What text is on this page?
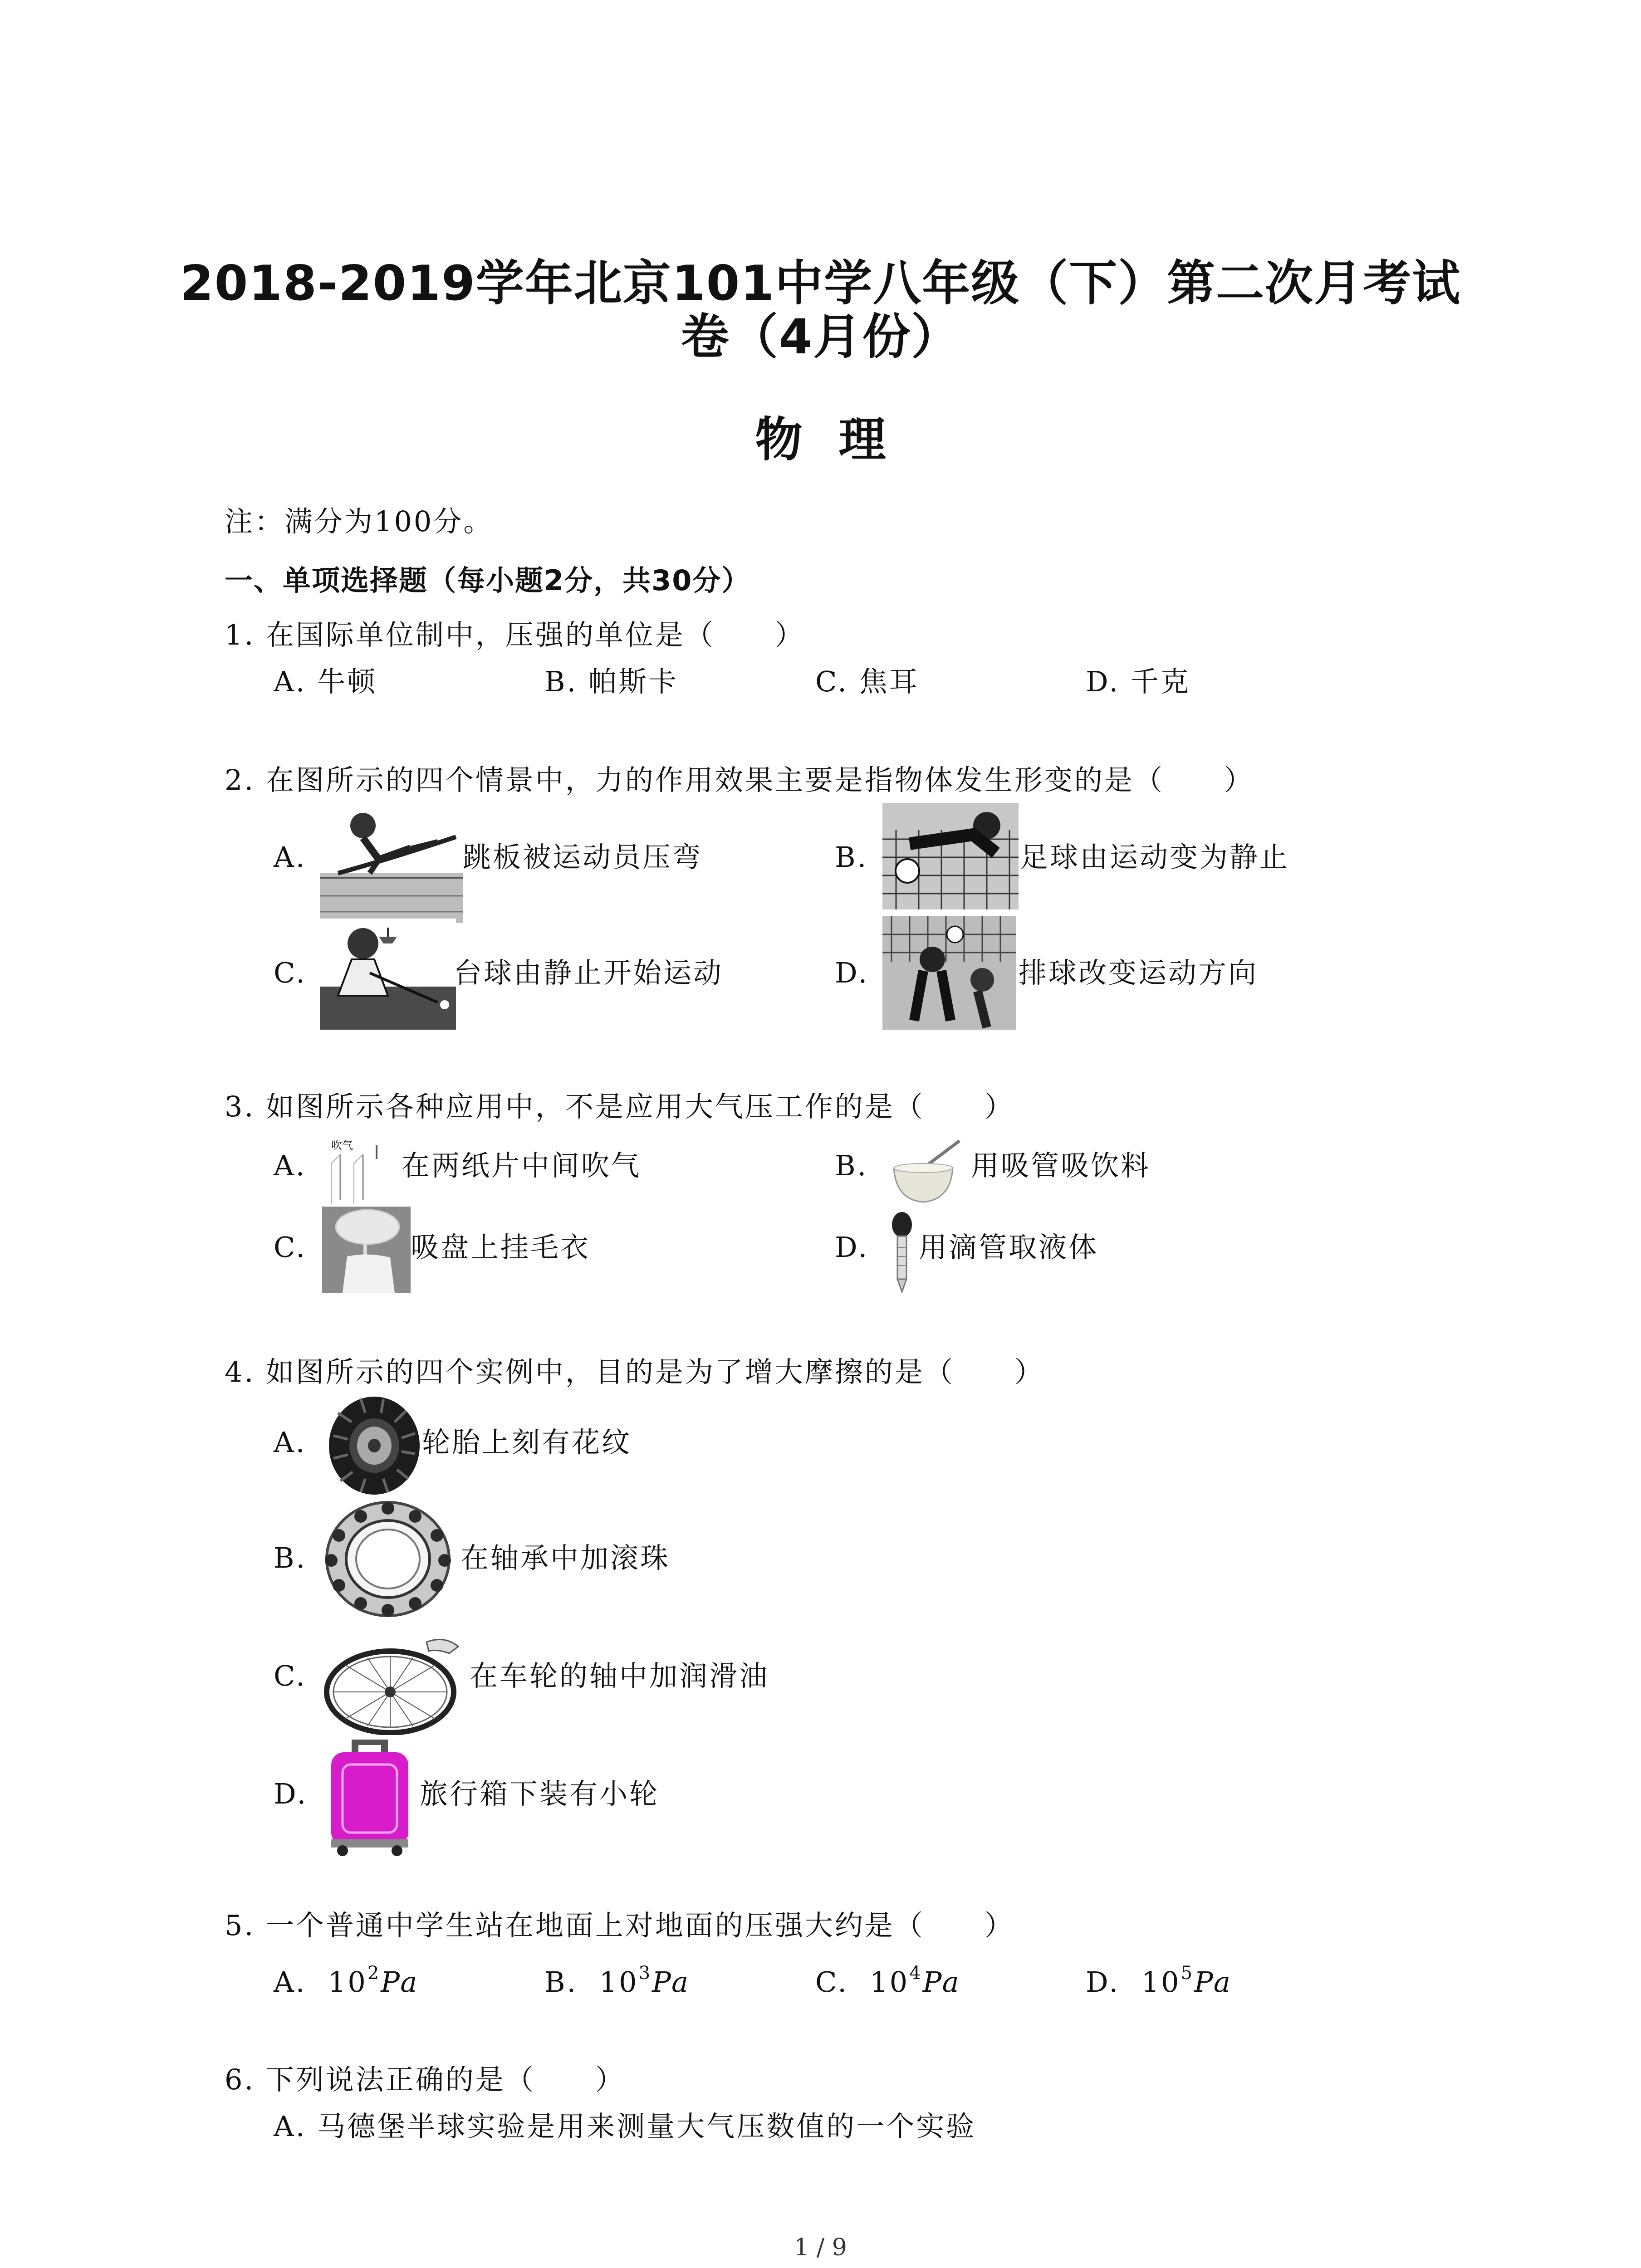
2018-2019学年北京101中学八年级（下）第二次月考试
卷（4月份）
物理
注：满分为100分。
一、单项选择题（每小题2分，共30分）
1. 在国际单位制中，压强的单位是（　　）
A. 牛顿	B. 帕斯卡	C. 焦耳	D. 千克
2. 在图所示的四个情景中，力的作用效果主要是指物体发生形变的是（　　）
A.	跳板被运动员压弯	B.	足球由运动变为静止
C.	台球由静止开始运动	D.	排球改变运动方向
3. 如图所示各种应用中，不是应用大气压工作的是（　　）
A.
吹气
在两纸片中间吹气	B.	用吸管吸饮料
C.	吸盘上挂毛衣	D. 用滴管取液体
4. 如图所示的四个实例中，目的是为了增大摩擦的是（　　）
A.	轮胎上刻有花纹
B.	在轴承中加滚珠
C.	在车轮的轴中加润滑油
D.	旅行箱下装有小轮
5. 一个普通中学生站在地面上对地面的压强大约是（　　）
A. $10^2Pa$	B. $10^3Pa$	C. $10^4Pa$	D. $10^5Pa$
6. 下列说法正确的是（　　）
A. 马德堡半球实验是用来测量大气压数值的一个实验
1 / 9
